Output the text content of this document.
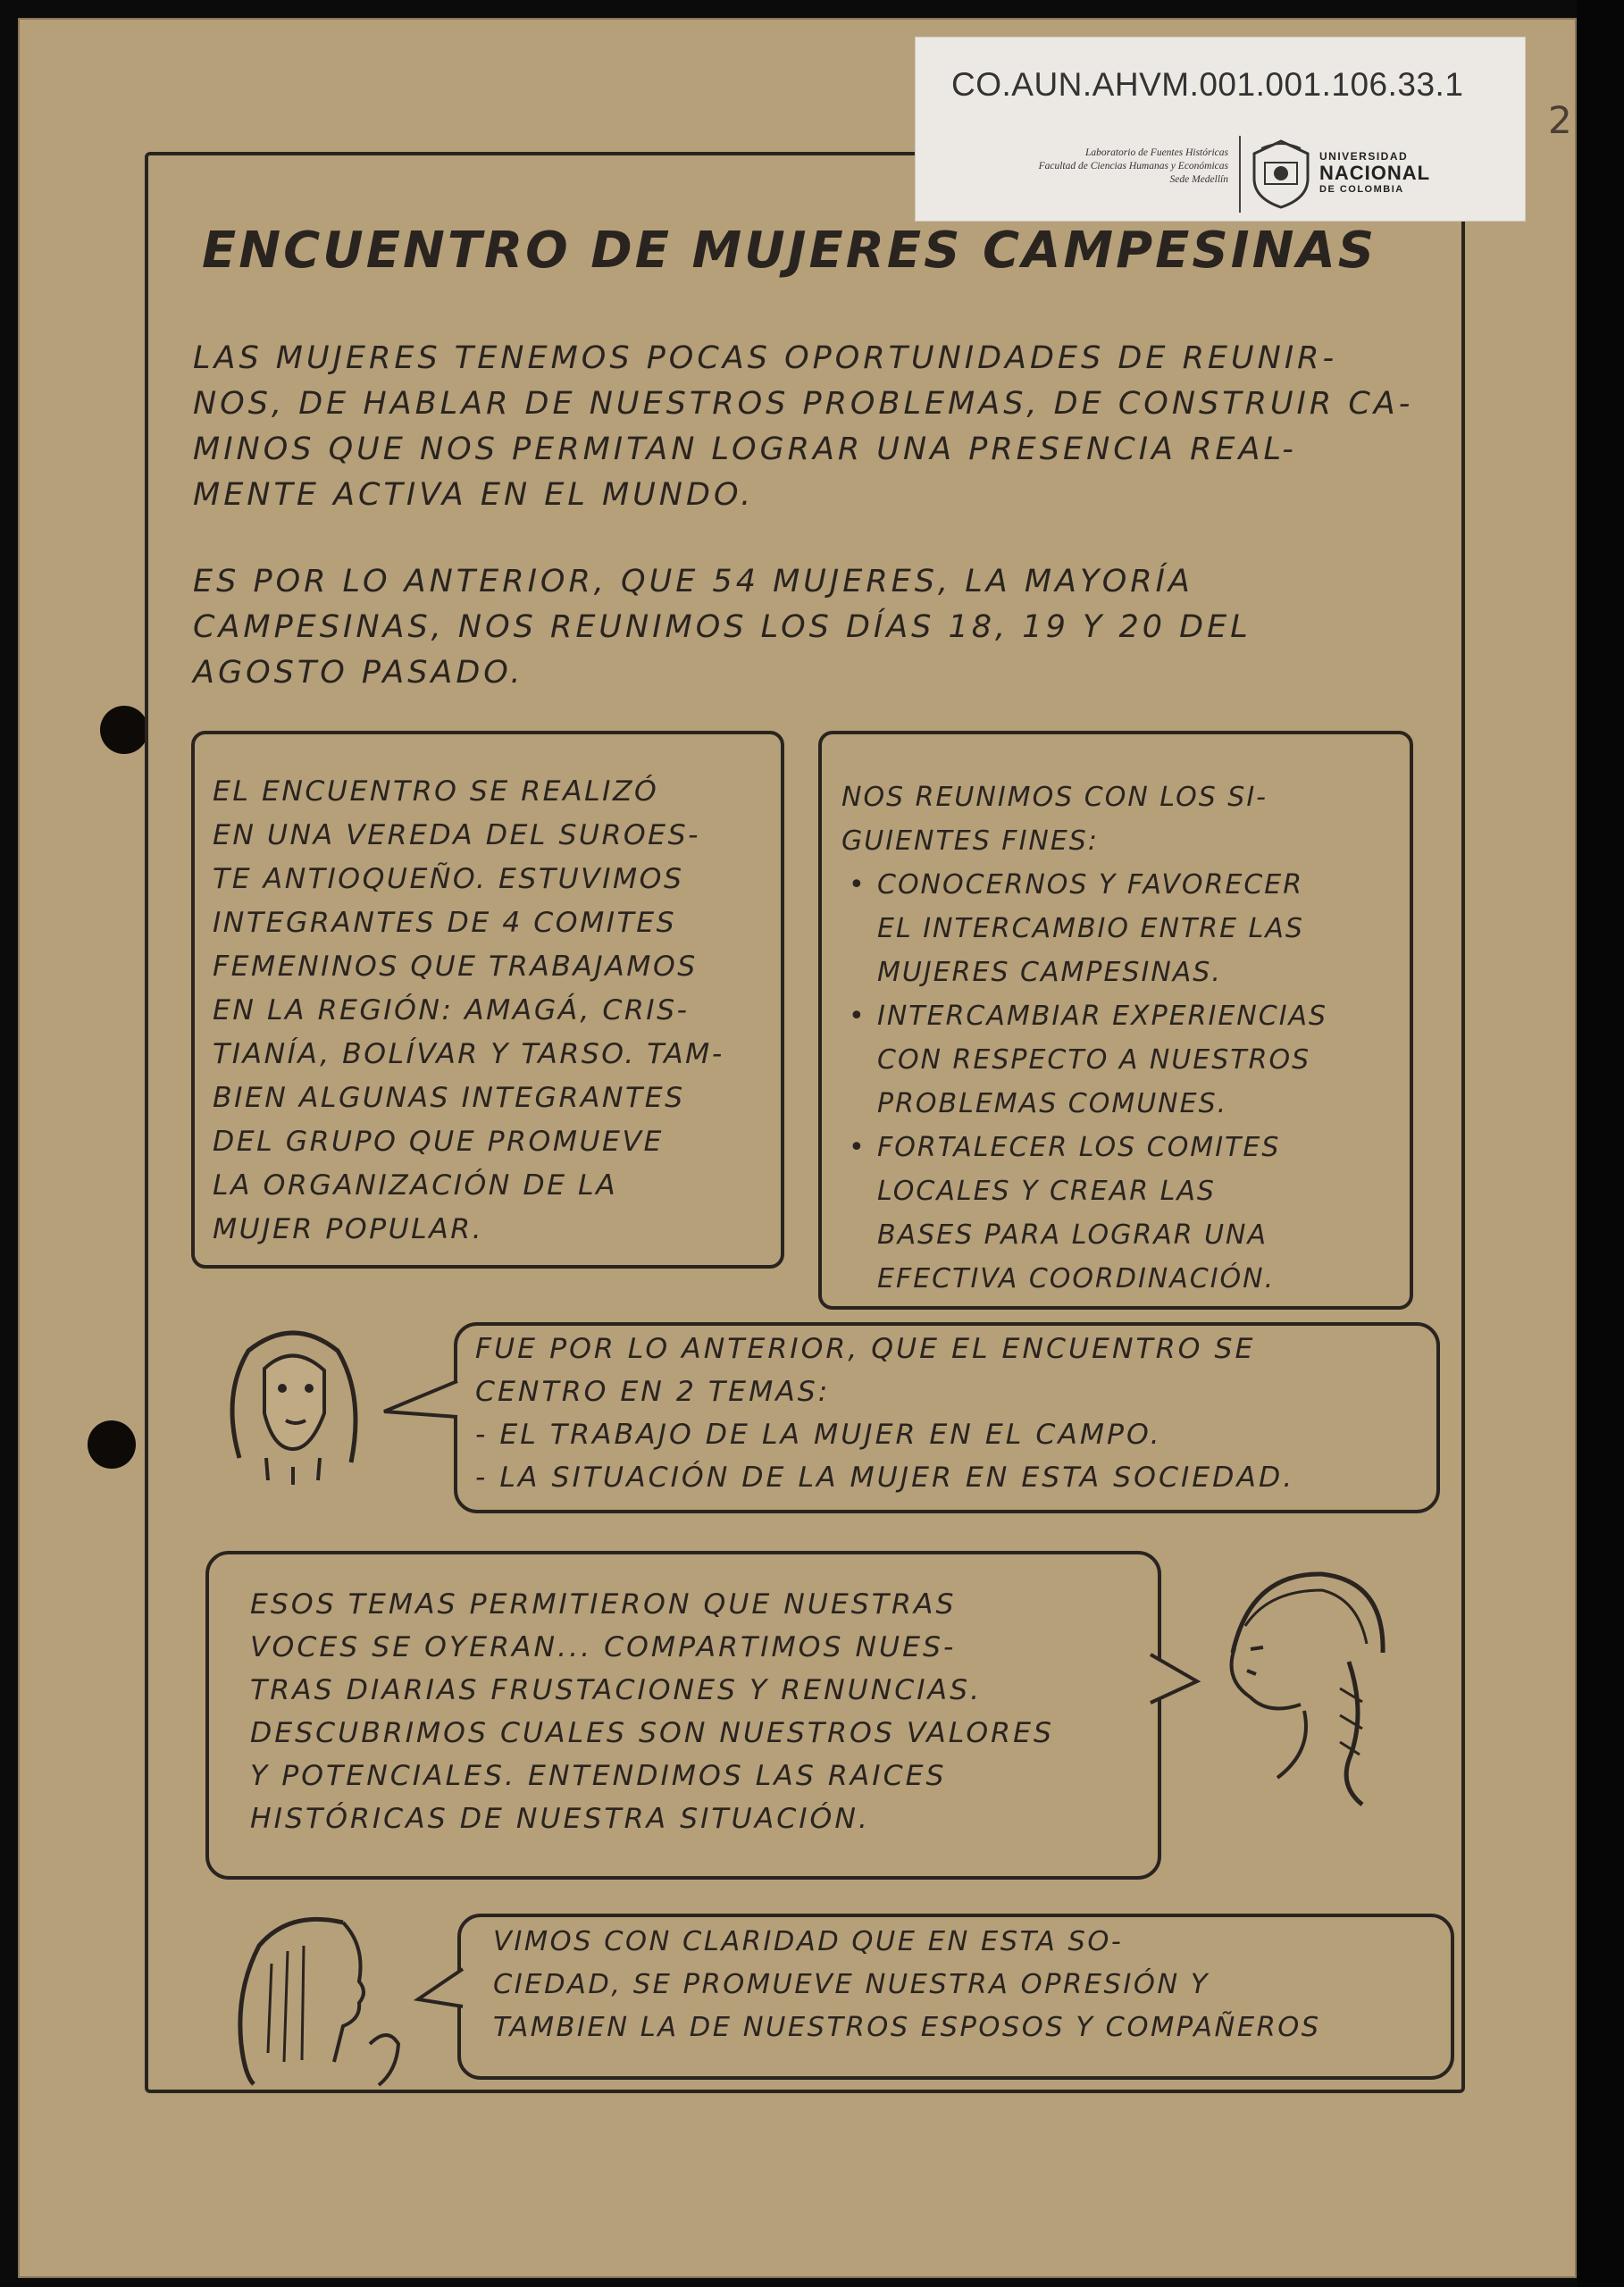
CO.AUN.AHVM.001.001.106.33.1
Laboratorio de Fuentes Históricas
Facultad de Ciencias Humanas y Económicas
Sede Medellín
UNIVERSIDAD
NACIONAL
DE COLOMBIA
2
ENCUENTRO DE MUJERES CAMPESINAS
LAS MUJERES TENEMOS POCAS OPORTUNIDADES DE REUNIR-
NOS, DE HABLAR DE NUESTROS PROBLEMAS, DE CONSTRUIR CA-
MINOS QUE NOS PERMITAN LOGRAR UNA PRESENCIA REAL-
MENTE ACTIVA EN EL MUNDO.
ES POR LO ANTERIOR, QUE 54 MUJERES, LA MAYORÍA
CAMPESINAS, NOS REUNIMOS LOS DÍAS 18, 19 Y 20 DEL
AGOSTO PASADO.
EL ENCUENTRO SE REALIZÓ
EN UNA VEREDA DEL SUROES-
TE ANTIOQUEÑO. ESTUVIMOS
INTEGRANTES DE 4 COMITES
FEMENINOS QUE TRABAJAMOS
EN LA REGIÓN: AMAGÁ, CRIS-
TIANÍA, BOLÍVAR Y TARSO. TAM-
BIEN ALGUNAS INTEGRANTES
DEL GRUPO QUE PROMUEVE
LA ORGANIZACIÓN DE LA
MUJER POPULAR.
NOS REUNIMOS CON LOS SI-
GUIENTES FINES:
• CONOCERNOS Y FAVORECER
EL INTERCAMBIO ENTRE LAS
MUJERES CAMPESINAS.
• INTERCAMBIAR EXPERIENCIAS
CON RESPECTO A NUESTROS
PROBLEMAS COMUNES.
• FORTALECER LOS COMITES
LOCALES Y CREAR LAS
BASES PARA LOGRAR UNA
EFECTIVA COORDINACIÓN.
FUE POR LO ANTERIOR, QUE EL ENCUENTRO SE
CENTRO EN 2 TEMAS:
- EL TRABAJO DE LA MUJER EN EL CAMPO.
- LA SITUACIÓN DE LA MUJER EN ESTA SOCIEDAD.
ESOS TEMAS PERMITIERON QUE NUESTRAS
VOCES SE OYERAN... COMPARTIMOS NUES-
TRAS DIARIAS FRUSTACIONES Y RENUNCIAS.
DESCUBRIMOS CUALES SON NUESTROS VALORES
Y POTENCIALES. ENTENDIMOS LAS RAICES
HISTÓRICAS DE NUESTRA SITUACIÓN.
VIMOS CON CLARIDAD QUE EN ESTA SO-
CIEDAD, SE PROMUEVE NUESTRA OPRESIÓN Y
TAMBIEN LA DE NUESTROS ESPOSOS Y COMPAÑEROS
